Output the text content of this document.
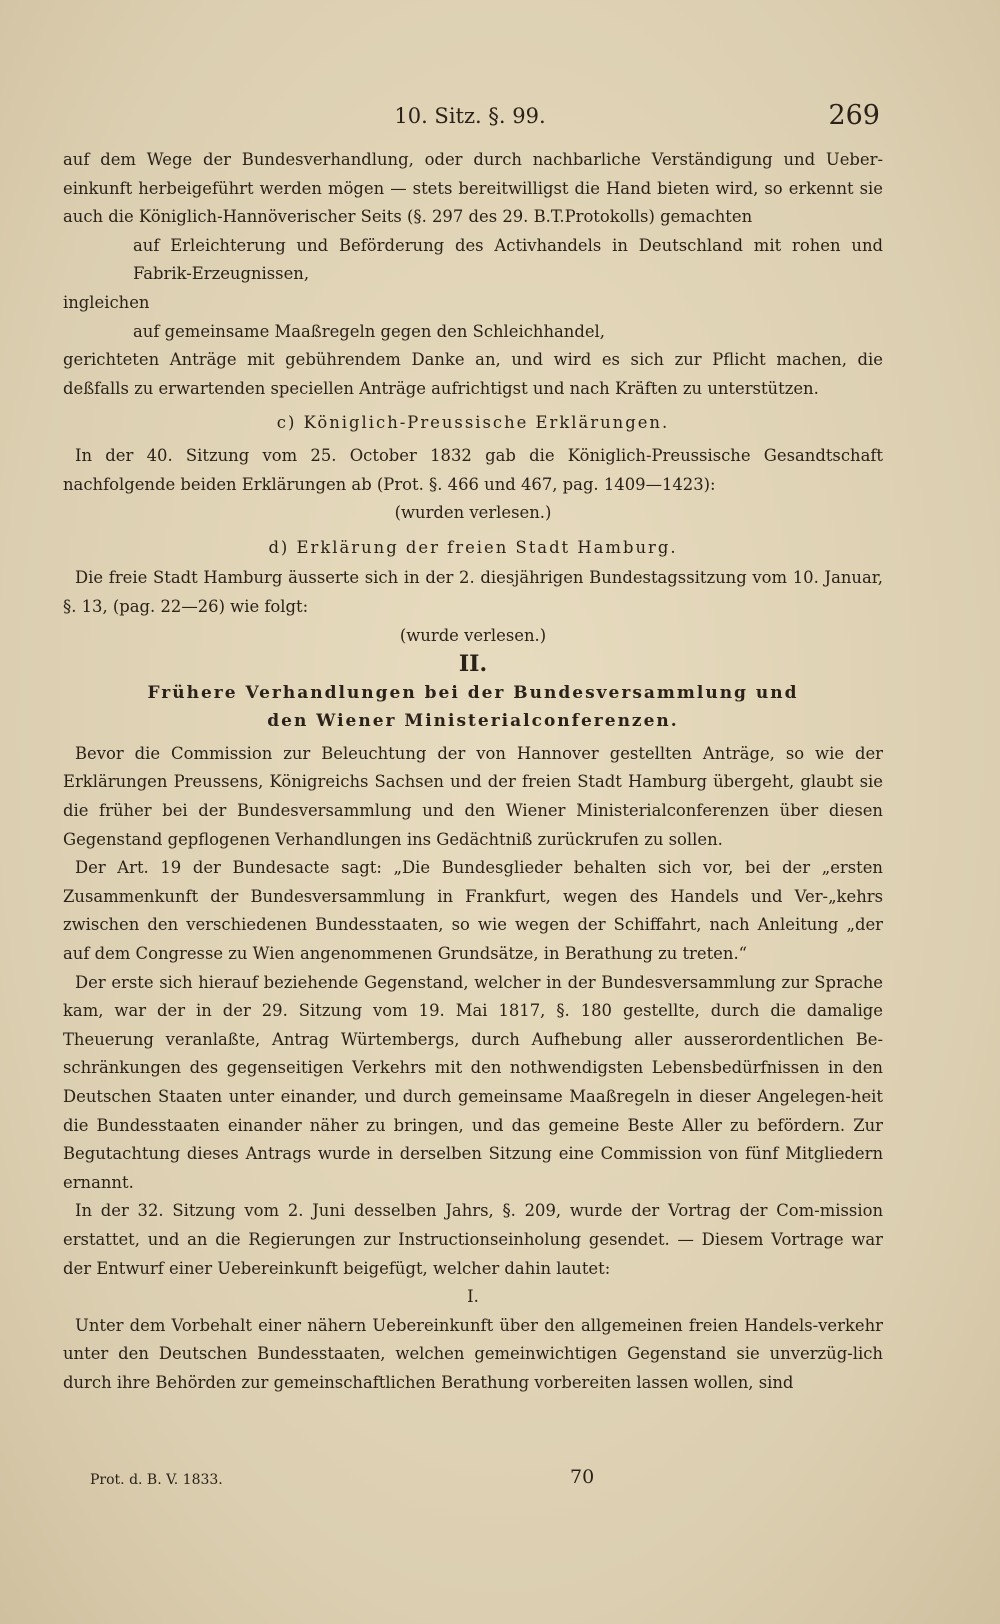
10. Sitz. §. 99.	269

auf dem Wege der Bundesverhandlung, oder durch nachbarliche Verständigung und Ueber-einkunft herbeigeführt werden mögen — stets bereitwilligst die Hand bieten wird, so erkennt sie auch die Königlich-Hannöverischer Seits (§. 297 des 29. B.T.Protokolls) gemachten

auf Erleichterung und Beförderung des Activhandels in Deutschland mit rohen und Fabrik-Erzeugnissen,

ingleichen

auf gemeinsame Maaßregeln gegen den Schleichhandel,

gerichteten Anträge mit gebührendem Danke an, und wird es sich zur Pflicht machen, die deßfalls zu erwartenden speciellen Anträge aufrichtigst und nach Kräften zu unterstützen.

c) Königlich-Preussische Erklärungen.

In der 40. Sitzung vom 25. October 1832 gab die Königlich-Preussische Gesandtschaft nachfolgende beiden Erklärungen ab (Prot. §. 466 und 467, pag. 1409—1423):

(wurden verlesen.)

d) Erklärung der freien Stadt Hamburg.

Die freie Stadt Hamburg äusserte sich in der 2. diesjährigen Bundestagssitzung vom 10. Januar, §. 13, (pag. 22—26) wie folgt:

(wurde verlesen.)

II.

Frühere Verhandlungen bei der Bundesversammlung und

den Wiener Ministerialconferenzen.

Bevor die Commission zur Beleuchtung der von Hannover gestellten Anträge, so wie der Erklärungen Preussens, Königreichs Sachsen und der freien Stadt Hamburg übergeht, glaubt sie die früher bei der Bundesversammlung und den Wiener Ministerialconferenzen über diesen Gegenstand gepflogenen Verhandlungen ins Gedächtniß zurückrufen zu sollen.

Der Art. 19 der Bundesacte sagt: „Die Bundesglieder behalten sich vor, bei der „ersten Zusammenkunft der Bundesversammlung in Frankfurt, wegen des Handels und Ver-„kehrs zwischen den verschiedenen Bundesstaaten, so wie wegen der Schiffahrt, nach Anleitung „der auf dem Congresse zu Wien angenommenen Grundsätze, in Berathung zu treten.“

Der erste sich hierauf beziehende Gegenstand, welcher in der Bundesversammlung zur Sprache kam, war der in der 29. Sitzung vom 19. Mai 1817, §. 180 gestellte, durch die damalige Theuerung veranlaßte, Antrag Würtembergs, durch Aufhebung aller ausserordentlichen Be-schränkungen des gegenseitigen Verkehrs mit den nothwendigsten Lebensbedürfnissen in den Deutschen Staaten unter einander, und durch gemeinsame Maaßregeln in dieser Angelegen-heit die Bundesstaaten einander näher zu bringen, und das gemeine Beste Aller zu befördern. Zur Begutachtung dieses Antrags wurde in derselben Sitzung eine Commission von fünf Mitgliedern ernannt.

In der 32. Sitzung vom 2. Juni desselben Jahrs, §. 209, wurde der Vortrag der Com-mission erstattet, und an die Regierungen zur Instructionseinholung gesendet. — Diesem Vortrage war der Entwurf einer Uebereinkunft beigefügt, welcher dahin lautet:

I.

Unter dem Vorbehalt einer nähern Uebereinkunft über den allgemeinen freien Handels-verkehr unter den Deutschen Bundesstaaten, welchen gemeinwichtigen Gegenstand sie unverzüg-lich durch ihre Behörden zur gemeinschaftlichen Berathung vorbereiten lassen wollen, sind

Prot. d. B. V. 1833.	70
